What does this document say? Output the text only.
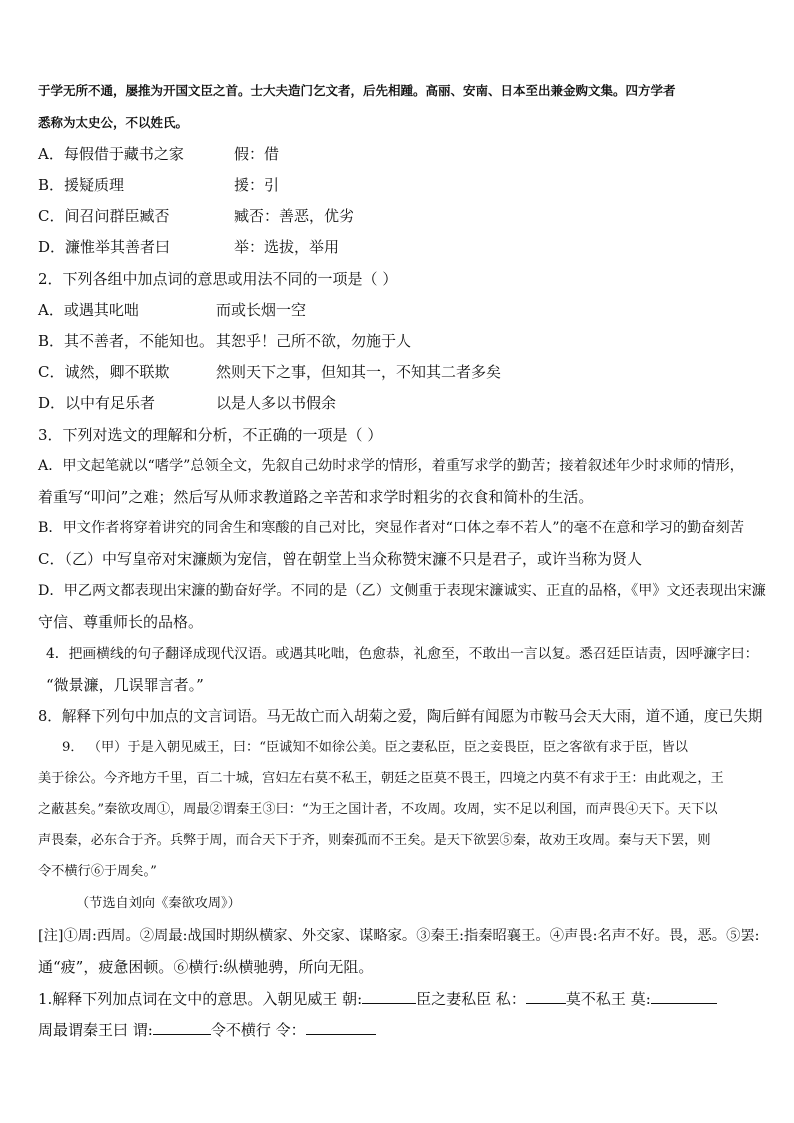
于学无所不通，屡推为开国文臣之首。士大夫造门乞文者，后先相踵。高丽、安南、日本至出兼金购文集。四方学者
悉称为太史公，不以姓氏。
A．每假借于藏书之家	假：借
B．援疑质理	援：引
C．间召问群臣臧否	臧否：善恶，优劣
D．濂惟举其善者曰	举：选拔，举用
2．下列各组中加点词的意思或用法不同的一项是（ ）
A．或遇其叱咄	而或长烟一空
B．其不善者，不能知也。 其恕乎！己所不欲，勿施于人
C．诚然，卿不联欺	然则天下之事，但知其一，不知其二者多矣
D．以中有足乐者	以是人多以书假余
3．下列对选文的理解和分析，不正确的一项是（ ）
A．甲文起笔就以“嗜学”总领全文，先叙自己幼时求学的情形，着重写求学的勤苦；接着叙述年少时求师的情形，
着重写“叩问”之难；然后写从师求教道路之辛苦和求学时粗劣的衣食和简朴的生活。
B．甲文作者将穿着讲究的同舍生和寒酸的自己对比，突显作者对“口体之奉不若人”的毫不在意和学习的勤奋刻苦
C．（乙）中写皇帝对宋濂颇为宠信，曾在朝堂上当众称赞宋濂不只是君子，或许当称为贤人
D．甲乙两文都表现出宋濂的勤奋好学。不同的是（乙）文侧重于表现宋濂诚实、正直的品格，《甲》文还表现出宋濂
守信、尊重师长的品格。
4．把画横线的句子翻译成现代汉语。或遇其叱咄，色愈恭，礼愈至，不敢出一言以复。悉召廷臣诘责，因呼濂字曰：
“微景濂，几误罪言者。”
8．解释下列句中加点的文言词语。马无故亡而入胡菊之爱，陶后鲜有闻愿为市鞍马会天大雨，道不通，度已失期
9． （甲）于是入朝见威王，曰：“臣诚知不如徐公美。臣之妻私臣，臣之妾畏臣，臣之客欲有求于臣，皆以
美于徐公。今齐地方千里，百二十城，宫妇左右莫不私王，朝廷之臣莫不畏王，四境之内莫不有求于王：由此观之，王
之蔽甚矣。”秦欲攻周①，周最②谓秦王③曰：“为王之国计者，不攻周。攻周，实不足以利国，而声畏④天下。天下以
声畏秦，必东合于齐。兵弊于周，而合天下于齐，则秦孤而不王矣。是天下欲罢⑤秦，故劝王攻周。秦与天下罢，则
令不横行⑥于周矣。”
（节选自刘向《秦欲攻周》）
[注]①周:西周。②周最:战国时期纵横家、外交家、谋略家。③秦王:指秦昭襄王。④声畏:名声不好。畏，恶。⑤罢:
通“疲”，疲惫困顿。⑥横行:纵横驰骋，所向无阻。
1.解释下列加点词在文中的意思。入朝见威王 朝:	臣之妻私臣 私：	莫不私王 莫:
周最谓秦王曰 谓:	令不横行 令：
